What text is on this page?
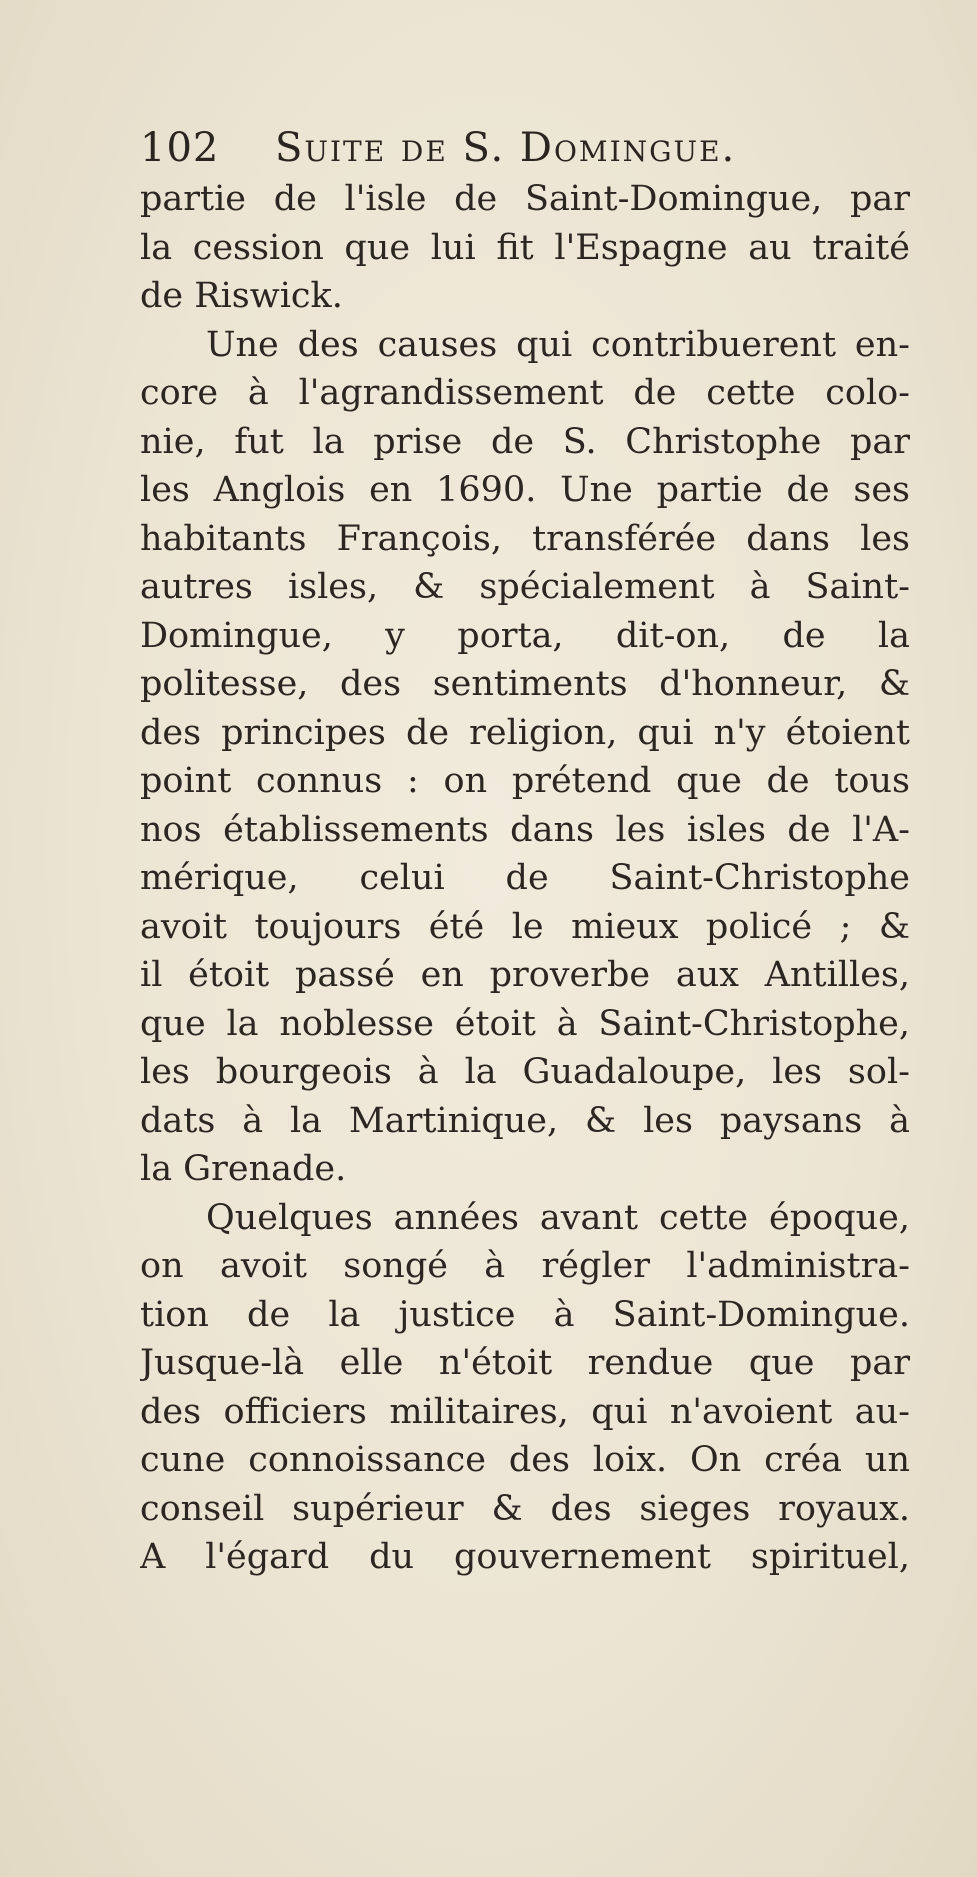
102 Suite de S. Domingue.
partie de l'isle de Saint-Domingue, par
la cession que lui fit l'Espagne au traité
de Riswick.
Une des causes qui contribuerent en-
core à l'agrandissement de cette colo-
nie, fut la prise de S. Christophe par
les Anglois en 1690. Une partie de ses
habitants François, transférée dans les
autres isles, & spécialement à Saint-
Domingue, y porta, dit-on, de la
politesse, des sentiments d'honneur, &
des principes de religion, qui n'y étoient
point connus : on prétend que de tous
nos établissements dans les isles de l'A-
mérique, celui de Saint-Christophe
avoit toujours été le mieux policé ; &
il étoit passé en proverbe aux Antilles,
que la noblesse étoit à Saint-Christophe,
les bourgeois à la Guadaloupe, les sol-
dats à la Martinique, & les paysans à
la Grenade.
Quelques années avant cette époque,
on avoit songé à régler l'administra-
tion de la justice à Saint-Domingue.
Jusque-là elle n'étoit rendue que par
des officiers militaires, qui n'avoient au-
cune connoissance des loix. On créa un
conseil supérieur & des sieges royaux.
A l'égard du gouvernement spirituel,
